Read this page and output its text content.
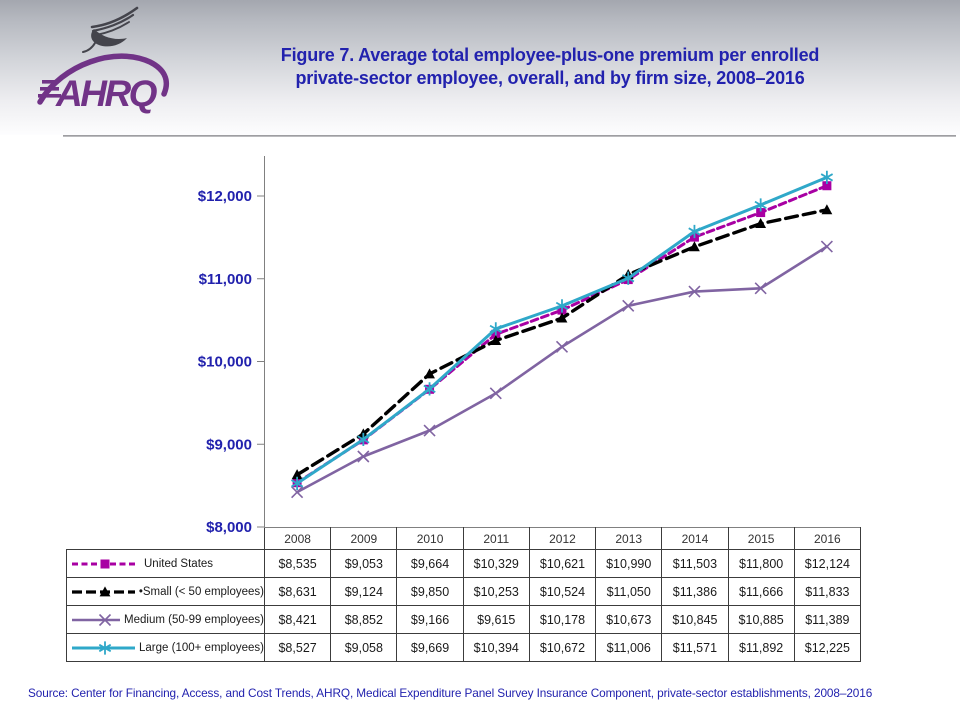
AHRQ
Figure 7. Average total employee-plus-one premium per enrolled
private-sector employee, overall, and by firm size, 2008–2016
	2008	2009	2010	2011	2012	2013	2014	2015	2016

United States	$8,535	$9,053	$9,664	$10,329	$10,621	$10,990	$11,503	$11,800	$12,124

•Small (< 50 employees)	$8,631	$9,124	$9,850	$10,253	$10,524	$11,050	$11,386	$11,666	$11,833

Medium (50-99 employees)	$8,421	$8,852	$9,166	$9,615	$10,178	$10,673	$10,845	$10,885	$11,389

Large (100+ employees)	$8,527	$9,058	$9,669	$10,394	$10,672	$11,006	$11,571	$11,892	$12,225
$8,000
$9,000
$10,000
$11,000
$12,000
Source: Center for Financing, Access, and Cost Trends, AHRQ, Medical Expenditure Panel Survey Insurance Component, private-sector establishments, 2008–2016
